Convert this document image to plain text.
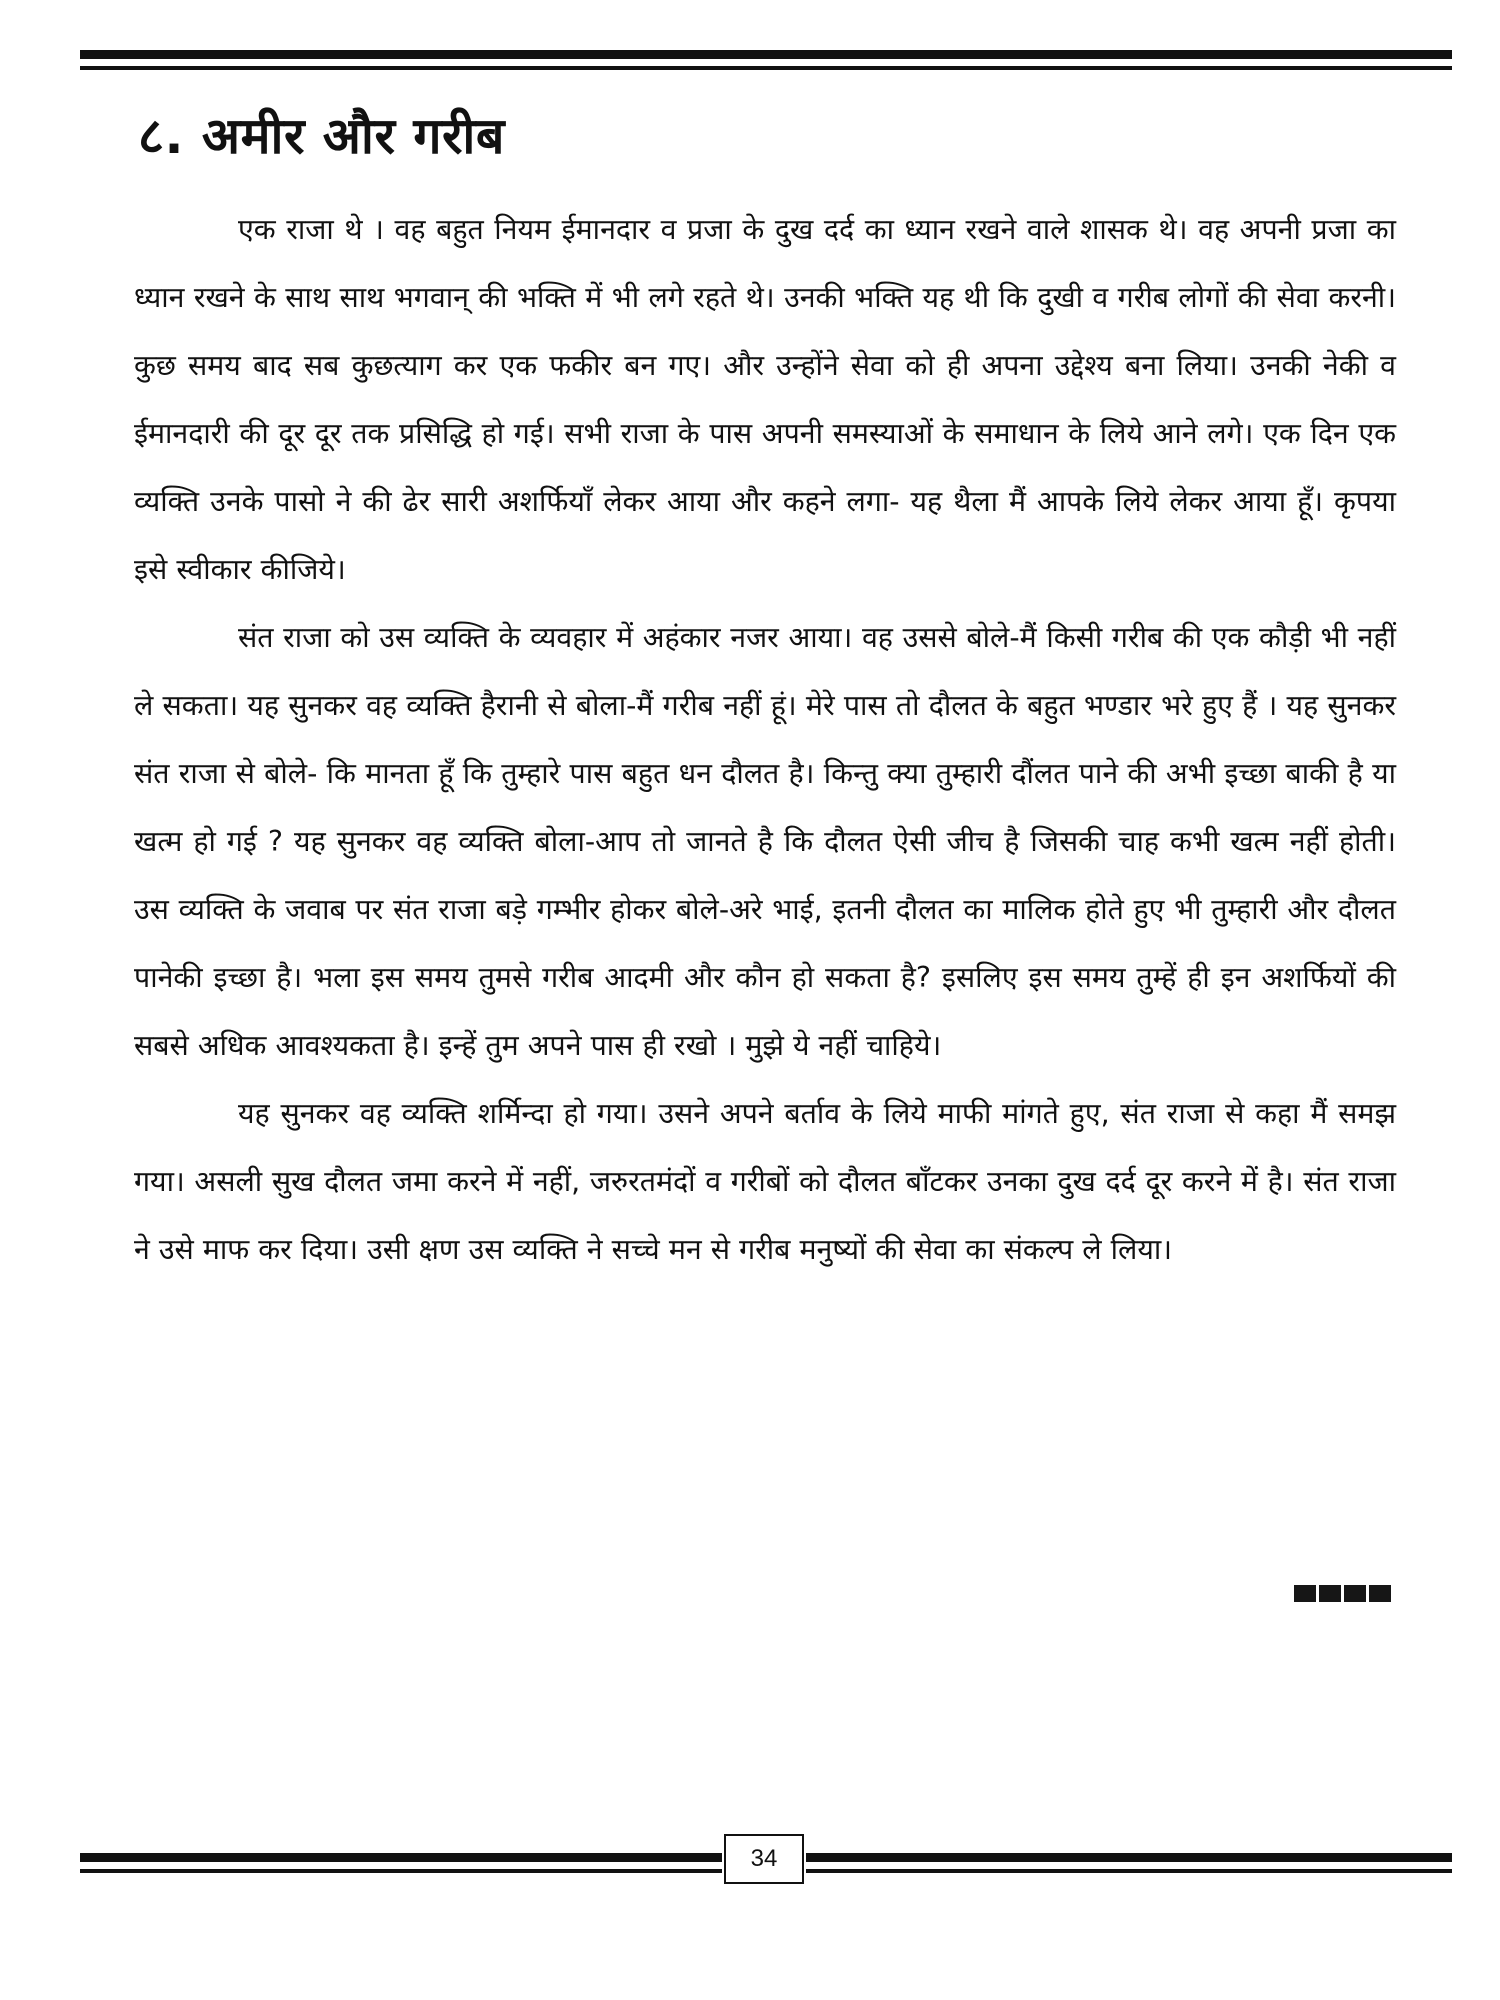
८. अमीर और गरीब

एक राजा थे । वह बहुत नियम ईमानदार व प्रजा के दुख दर्द का ध्यान रखने वाले शासक थे। वह अपनी प्रजा का ध्यान रखने के साथ साथ भगवान् की भक्ति में भी लगे रहते थे। उनकी भक्ति यह थी कि दुखी व गरीब लोगों की सेवा करनी। कुछ समय बाद सब कुछत्याग कर एक फकीर बन गए। और उन्होंने सेवा को ही अपना उद्देश्य बना लिया। उनकी नेकी व ईमानदारी की दूर दूर तक प्रसिद्धि हो गई। सभी राजा के पास अपनी समस्याओं के समाधान के लिये आने लगे। एक दिन एक व्यक्ति उनके पासो ने की ढेर सारी अशर्फियाँ लेकर आया और कहने लगा- यह थैला मैं आपके लिये लेकर आया हूँ। कृपया इसे स्वीकार कीजिये।

संत राजा को उस व्यक्ति के व्यवहार में अहंकार नजर आया। वह उससे बोले-मैं किसी गरीब की एक कौड़ी भी नहीं ले सकता। यह सुनकर वह व्यक्ति हैरानी से बोला-मैं गरीब नहीं हूं। मेरे पास तो दौलत के बहुत भण्डार भरे हुए हैं । यह सुनकर संत राजा से बोले- कि मानता हूँ कि तुम्हारे पास बहुत धन दौलत है। किन्तु क्या तुम्हारी दौंलत पाने की अभी इच्छा बाकी है या खत्म हो गई ? यह सुनकर वह व्यक्ति बोला-आप तो जानते है कि दौलत ऐसी जीच है जिसकी चाह कभी खत्म नहीं होती। उस व्यक्ति के जवाब पर संत राजा बड़े गम्भीर होकर बोले-अरे भाई, इतनी दौलत का मालिक होते हुए भी तुम्हारी और दौलत पानेकी इच्छा है। भला इस समय तुमसे गरीब आदमी और कौन हो सकता है? इसलिए इस समय तुम्हें ही इन अशर्फियों की सबसे अधिक आवश्यकता है। इन्हें तुम अपने पास ही रखो । मुझे ये नहीं चाहिये।

यह सुनकर वह व्यक्ति शर्मिन्दा हो गया। उसने अपने बर्ताव के लिये माफी मांगते हुए, संत राजा से कहा मैं समझ गया। असली सुख दौलत जमा करने में नहीं, जरुरतमंदों व गरीबों को दौलत बाँटकर उनका दुख दर्द दूर करने में है। संत राजा ने उसे माफ कर दिया। उसी क्षण उस व्यक्ति ने सच्चे मन से गरीब मनुष्यों की सेवा का संकल्प ले लिया।

34
